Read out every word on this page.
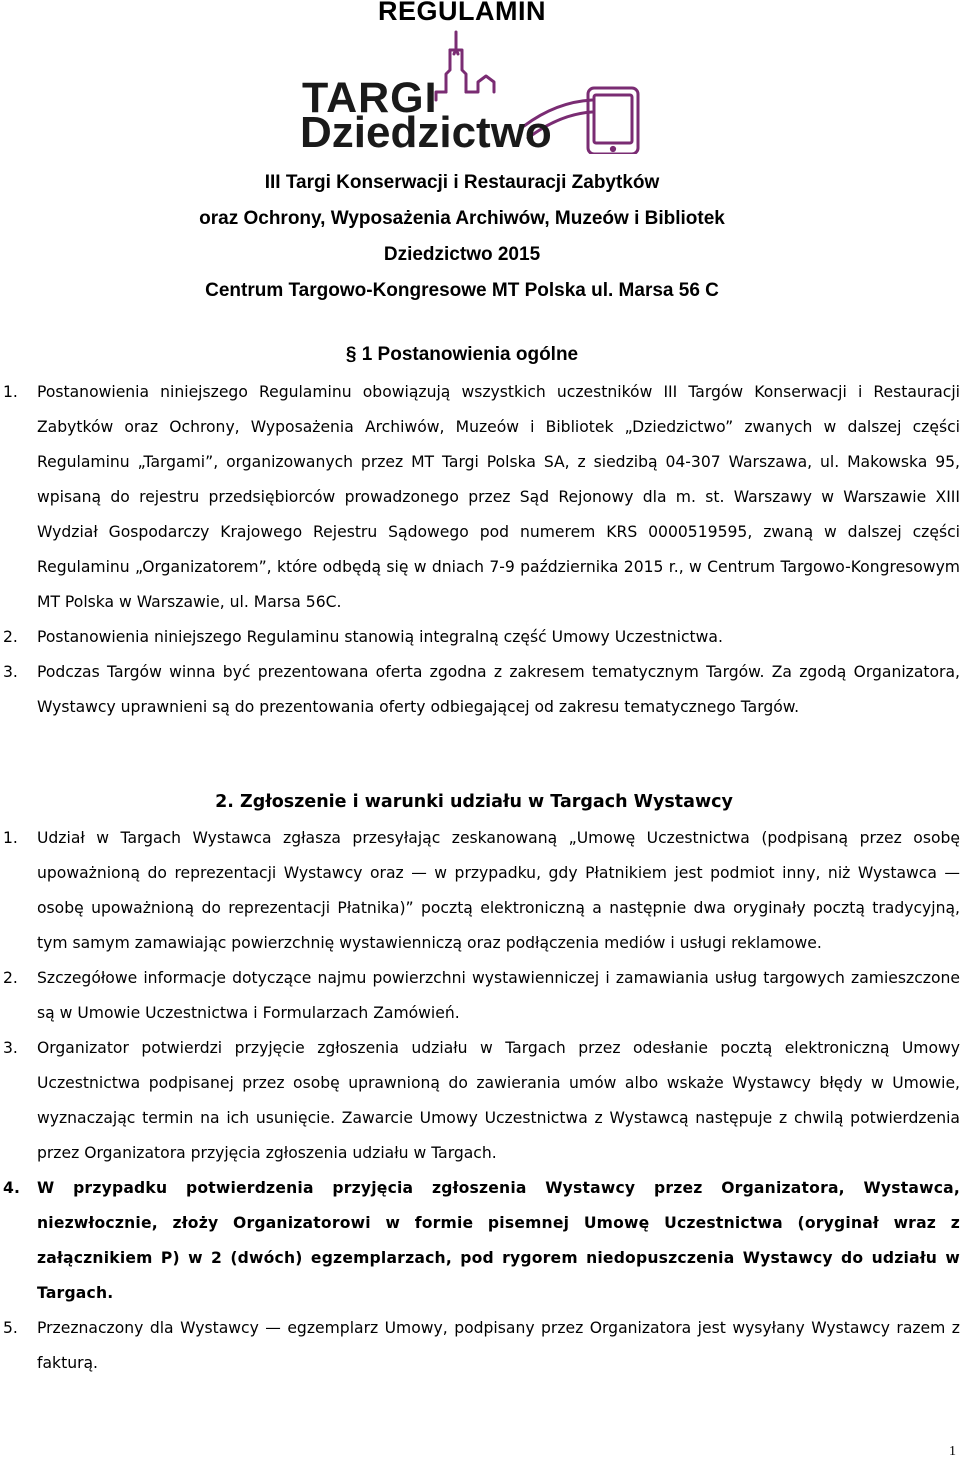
REGULAMIN
TARGI
Dziedzictwo
III Targi Konserwacji i Restauracji Zabytków
oraz Ochrony, Wyposażenia Archiwów, Muzeów i Bibliotek
Dziedzictwo 2015
Centrum Targowo-Kongresowe MT Polska ul. Marsa 56 C
§ 1 Postanowienia ogólne
1. Postanowienia niniejszego Regulaminu obowiązują wszystkich uczestników III Targów Konserwacji i Restauracji Zabytków oraz Ochrony, Wyposażenia Archiwów, Muzeów i Bibliotek „Dziedzictwo” zwanych w dalszej części Regulaminu „Targami”, organizowanych przez MT Targi Polska SA, z siedzibą 04-307 Warszawa, ul. Makowska 95, wpisaną do rejestru przedsiębiorców prowadzonego przez Sąd Rejonowy dla m. st. Warszawy w Warszawie XIII Wydział Gospodarczy Krajowego Rejestru Sądowego pod numerem KRS 0000519595, zwaną w dalszej części Regulaminu „Organizatorem”, które odbędą się w dniach 7-9 października 2015 r., w Centrum Targowo-Kongresowym MT Polska w Warszawie, ul. Marsa 56C.
2. Postanowienia niniejszego Regulaminu stanowią integralną część Umowy Uczestnictwa.
3. Podczas Targów winna być prezentowana oferta zgodna z zakresem tematycznym Targów. Za zgodą Organizatora, Wystawcy uprawnieni są do prezentowania oferty odbiegającej od zakresu tematycznego Targów.
2. Zgłoszenie i warunki udziału w Targach Wystawcy
1. Udział w Targach Wystawca zgłasza przesyłając zeskanowaną „Umowę Uczestnictwa (podpisaną przez osobę upoważnioną do reprezentacji Wystawcy oraz — w przypadku, gdy Płatnikiem jest podmiot inny, niż Wystawca — osobę upoważnioną do reprezentacji Płatnika)” pocztą elektroniczną a następnie dwa oryginały pocztą tradycyjną, tym samym zamawiając powierzchnię wystawienniczą oraz podłączenia mediów i usługi reklamowe.
2. Szczegółowe informacje dotyczące najmu powierzchni wystawienniczej i zamawiania usług targowych zamieszczone są w Umowie Uczestnictwa i Formularzach Zamówień.
3. Organizator potwierdzi przyjęcie zgłoszenia udziału w Targach przez odesłanie pocztą elektroniczną Umowy Uczestnictwa podpisanej przez osobę uprawnioną do zawierania umów albo wskaże Wystawcy błędy w Umowie, wyznaczając termin na ich usunięcie. Zawarcie Umowy Uczestnictwa z Wystawcą następuje z chwilą potwierdzenia przez Organizatora przyjęcia zgłoszenia udziału w Targach.
4. W przypadku potwierdzenia przyjęcia zgłoszenia Wystawcy przez Organizatora, Wystawca, niezwłocznie, złoży Organizatorowi w formie pisemnej Umowę Uczestnictwa (oryginał wraz z załącznikiem P) w 2 (dwóch) egzemplarzach, pod rygorem niedopuszczenia Wystawcy do udziału w Targach.
5. Przeznaczony dla Wystawcy — egzemplarz Umowy, podpisany przez Organizatora jest wysyłany Wystawcy razem z fakturą.
1
